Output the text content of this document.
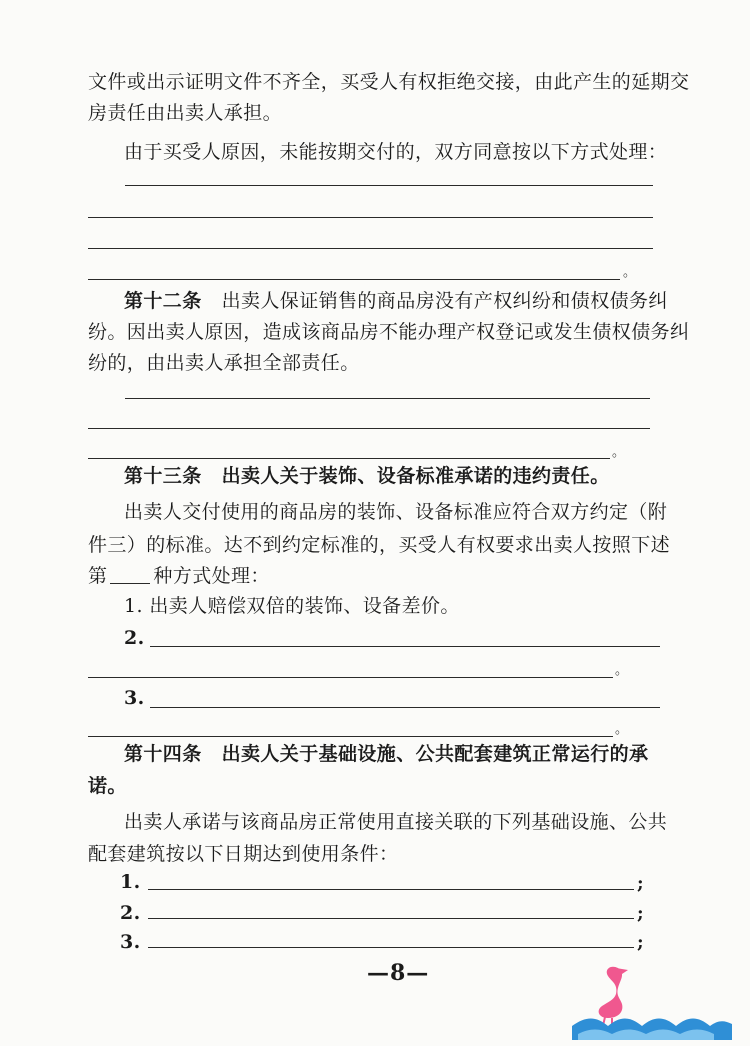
文件或出示证明文件不齐全，买受人有权拒绝交接，由此产生的延期交
房责任由出卖人承担。
由于买受人原因，未能按期交付的，双方同意按以下方式处理：
。
第十二条 出卖人保证销售的商品房没有产权纠纷和债权债务纠
纷。因出卖人原因，造成该商品房不能办理产权登记或发生债权债务纠
纷的，由出卖人承担全部责任。
。
第十三条 出卖人关于装饰、设备标准承诺的违约责任。
出卖人交付使用的商品房的装饰、设备标准应符合双方约定（附
件三）的标准。达不到约定标准的，买受人有权要求出卖人按照下述
第 种方式处理：
1. 出卖人赔偿双倍的装饰、设备差价。
2.
。
3.
。
第十四条 出卖人关于基础设施、公共配套建筑正常运行的承
诺。
出卖人承诺与该商品房正常使用直接关联的下列基础设施、公共
配套建筑按以下日期达到使用条件：
1.	;
2.	;
3.	;
—8—
